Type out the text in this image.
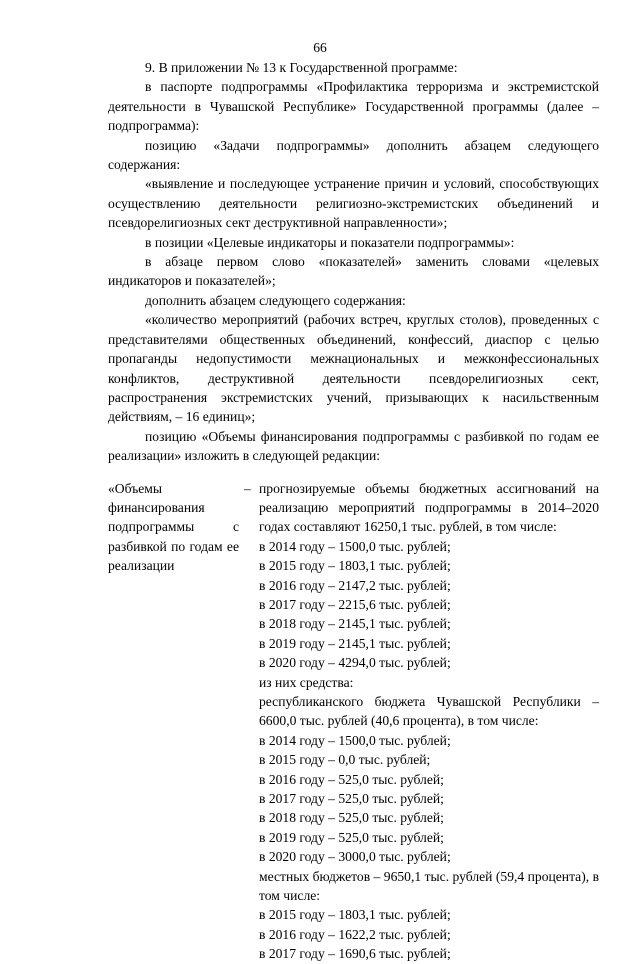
66

9. В приложении № 13 к Государственной программе:

в паспорте подпрограммы «Профилактика терроризма и экстремистской деятельности в Чувашской Республике» Государственной программы (далее – подпрограмма):

позицию «Задачи подпрограммы» дополнить абзацем следующего содержания:

«выявление и последующее устранение причин и условий, способствующих осуществлению деятельности религиозно-экстремистских объединений и псевдорелигиозных сект деструктивной направленности»;

в позиции «Целевые индикаторы и показатели подпрограммы»:

в абзаце первом слово «показателей» заменить словами «целевых индикаторов и показателей»;

дополнить абзацем следующего содержания:

«количество мероприятий (рабочих встреч, круглых столов), проведенных с представителями общественных объединений, конфессий, диаспор с целью пропаганды недопустимости межнациональных и межконфессиональных конфликтов, деструктивной деятельности псевдорелигиозных сект, распространения экстремистских учений, призывающих к насильственным действиям, – 16 единиц»;

позицию «Объемы финансирования подпрограммы с разбивкой по годам ее реализации» изложить в следующей редакции:

«Объемы финансирования подпрограммы с разбивкой по годам ее реализации
– прогнозируемые объемы бюджетных ассигнований на реализацию мероприятий подпрограммы в 2014–2020 годах составляют 16250,1 тыс. рублей, в том числе:
в 2014 году – 1500,0 тыс. рублей;
в 2015 году – 1803,1 тыс. рублей;
в 2016 году – 2147,2 тыс. рублей;
в 2017 году – 2215,6 тыс. рублей;
в 2018 году – 2145,1 тыс. рублей;
в 2019 году – 2145,1 тыс. рублей;
в 2020 году – 4294,0 тыс. рублей;
из них средства:
республиканского бюджета Чувашской Республики – 6600,0 тыс. рублей (40,6 процента), в том числе:
в 2014 году – 1500,0 тыс. рублей;
в 2015 году – 0,0 тыс. рублей;
в 2016 году – 525,0 тыс. рублей;
в 2017 году – 525,0 тыс. рублей;
в 2018 году – 525,0 тыс. рублей;
в 2019 году – 525,0 тыс. рублей;
в 2020 году – 3000,0 тыс. рублей;
местных бюджетов – 9650,1 тыс. рублей (59,4 процента), в том числе:
в 2015 году – 1803,1 тыс. рублей;
в 2016 году – 1622,2 тыс. рублей;
в 2017 году – 1690,6 тыс. рублей;
